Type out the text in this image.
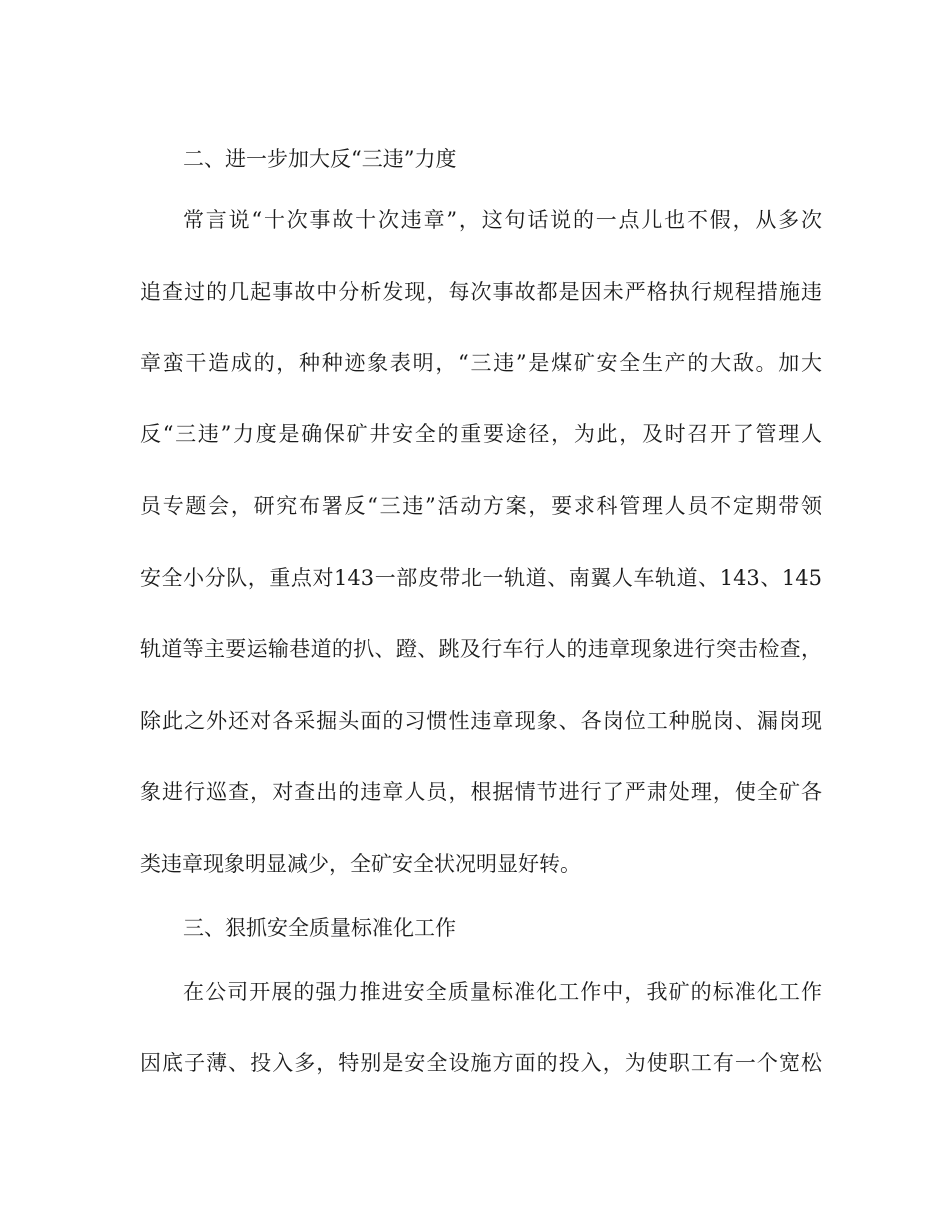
二、进一步加大反“三违”力度
常言说“十次事故十次违章”，这句话说的一点儿也不假，从多次
追查过的几起事故中分析发现，每次事故都是因未严格执行规程措施违
章蛮干造成的，种种迹象表明，“三违”是煤矿安全生产的大敌。加大
反“三违”力度是确保矿井安全的重要途径，为此，及时召开了管理人
员专题会，研究布署反“三违”活动方案，要求科管理人员不定期带领
安全小分队，重点对143一部皮带北一轨道、南翼人车轨道、143、145
轨道等主要运输巷道的扒、蹬、跳及行车行人的违章现象进行突击检查，
除此之外还对各采掘头面的习惯性违章现象、各岗位工种脱岗、漏岗现
象进行巡查，对查出的违章人员，根据情节进行了严肃处理，使全矿各
类违章现象明显减少，全矿安全状况明显好转。
三、狠抓安全质量标准化工作
在公司开展的强力推进安全质量标准化工作中，我矿的标准化工作
因底子薄、投入多，特别是安全设施方面的投入，为使职工有一个宽松
